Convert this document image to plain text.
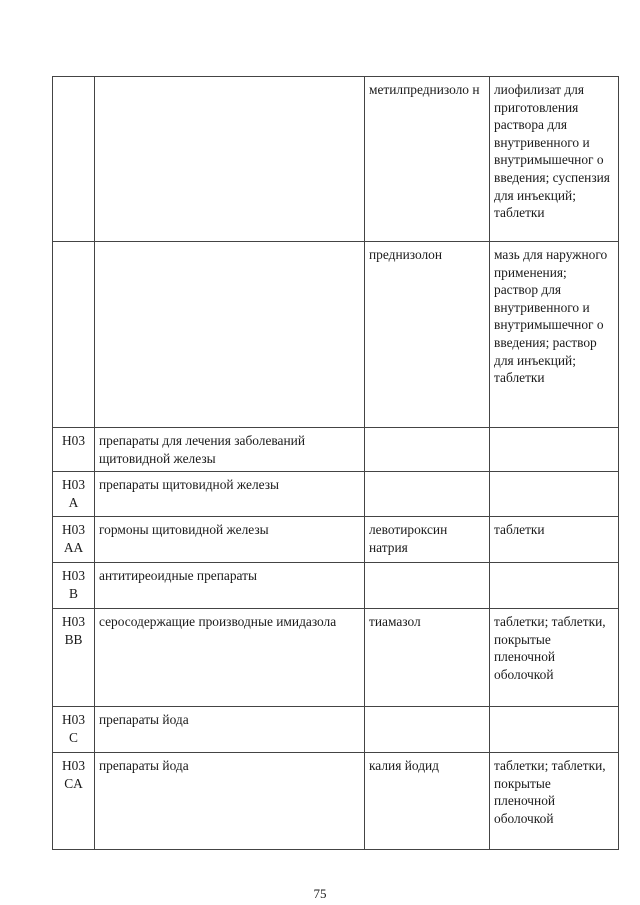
		метилпреднизоло н	лиофилизат для приготовления раствора для внутривенного и внутримышечног о введения; суспензия для инъекций; таблетки
		преднизолон	мазь для наружного применения; раствор для внутривенного и внутримышечног о введения; раствор для инъекций; таблетки
H03	препараты для лечения заболеваний щитовидной железы		
H03 A	препараты щитовидной железы		
H03 AA	гормоны щитовидной железы	левотироксин натрия	таблетки
H03 B	антитиреоидные препараты		
H03 BB	серосодержащие производные имидазола	тиамазол	таблетки; таблетки, покрытые пленочной оболочкой
H03 C	препараты йода		
H03 CA	препараты йода	калия йодид	таблетки; таблетки, покрытые пленочной оболочкой
75
